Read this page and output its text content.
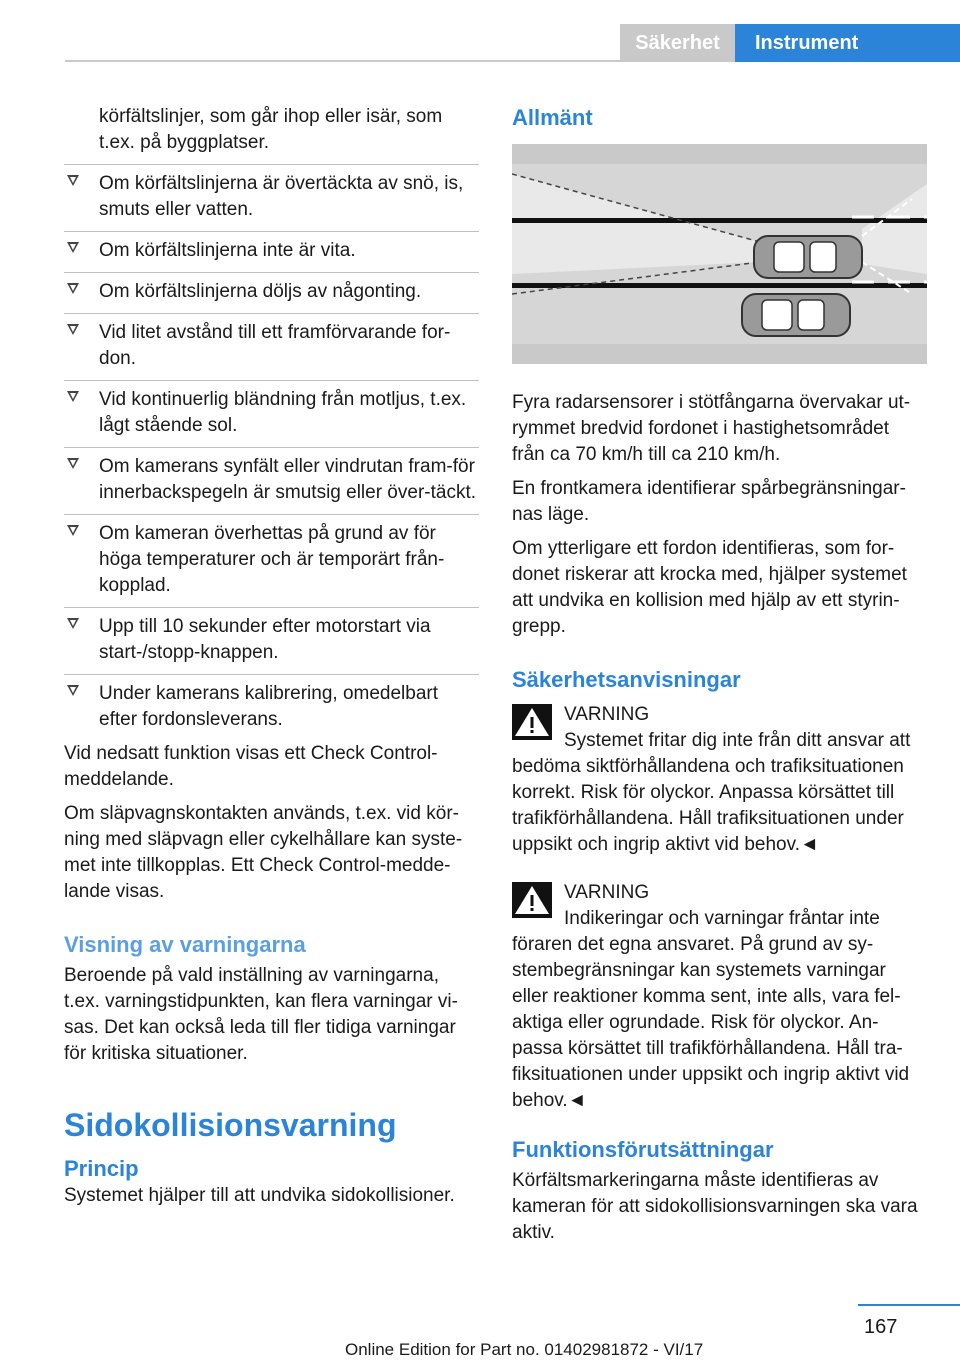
Säkerhet	Instrument

körfältslinjer, som går ihop eller isär, som t.ex. på byggplatser.

Om körfältslinjerna är övertäckta av snö, is, smuts eller vatten.
Om körfältslinjerna inte är vita.
Om körfältslinjerna döljs av någonting.
Vid litet avstånd till ett framförvarande for-don.
Vid kontinuerlig bländning från motljus, t.ex. lågt stående sol.
Om kamerans synfält eller vindrutan fram-för innerbackspegeln är smutsig eller över-täckt.
Om kameran överhettas på grund av för höga temperaturer och är temporärt från-kopplad.
Upp till 10 sekunder efter motorstart via start-/stopp-knappen.
Under kamerans kalibrering, omedelbart efter fordonsleverans.

Vid nedsatt funktion visas ett Check Control-meddelande.

Om släpvagnskontakten används, t.ex. vid kör-ning med släpvagn eller cykelhållare kan syste-met inte tillkopplas. Ett Check Control-medde-lande visas.

Visning av varningarna

Beroende på vald inställning av varningarna, t.ex. varningstidpunkten, kan flera varningar vi-sas. Det kan också leda till fler tidiga varningar för kritiska situationer.

Sidokollisionsvarning
Princip

Systemet hjälper till att undvika sidokollisioner.

Allmänt

Fyra radarsensorer i stötfångarna övervakar ut-rymmet bredvid fordonet i hastighetsområdet från ca 70 km/h till ca 210 km/h.

En frontkamera identifierar spårbegränsningar-nas läge.

Om ytterligare ett fordon identifieras, som for-donet riskerar att krocka med, hjälper systemet att undvika en kollision med hjälp av ett styrin-grepp.

Säkerhetsanvisningar
VARNING
Systemet fritar dig inte från ditt ansvar att bedöma siktförhållandena och trafiksituationen korrekt. Risk för olyckor. Anpassa körsättet till trafikförhållandena. Håll trafiksituationen under uppsikt och ingrip aktivt vid behov.◄
VARNING
Indikeringar och varningar fråntar inte föraren det egna ansvaret. På grund av sy-stembegränsningar kan systemets varningar eller reaktioner komma sent, inte alls, vara fel-aktiga eller ogrundade. Risk för olyckor. An-passa körsättet till trafikförhållandena. Håll tra-fiksituationen under uppsikt och ingrip aktivt vid behov.◄
Funktionsförutsättningar

Körfältsmarkeringarna måste identifieras av kameran för att sidokollisionsvarningen ska vara aktiv.

167
Online Edition for Part no. 01402981872 - VI/17
